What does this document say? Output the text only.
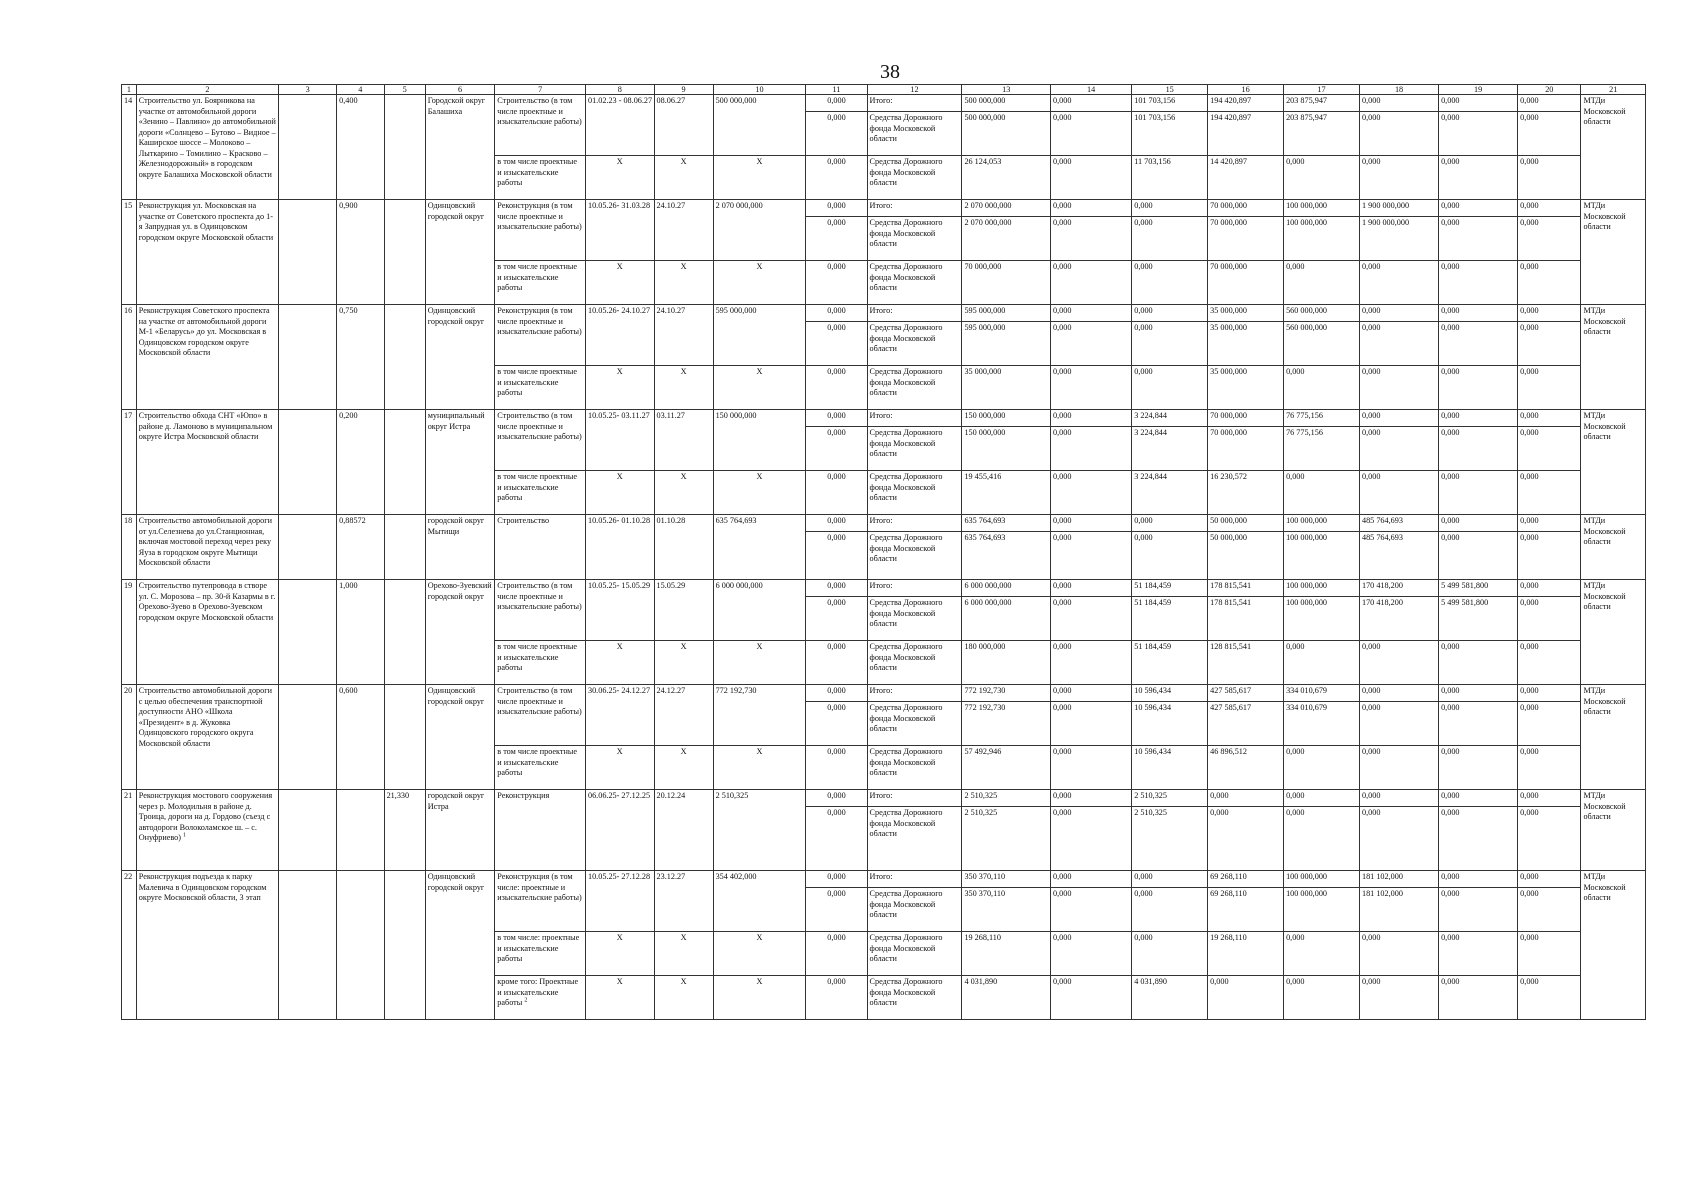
38
1	2	3	4	5	6	7	8	9	10	11	12	13	14	15	16	17	18	19	20	21
14	Строительство ул. Боярникова на участке от автомобильной дороги «Зенино – Павлино» до автомобильной дороги «Солнцево – Бутово – Видное – Каширское шоссе – Молоково – Лыткарино – Томилино – Красково – Железнодорожный» в городском округе Балашиха Московской области		0,400		Городской округ Балашиха	Строительство (в том числе проектные и изыскательские работы)	01.02.23 - 08.06.27	08.06.27	500 000,000	0,000	Итого:	500 000,000	0,000	101 703,156	194 420,897	203 875,947	0,000	0,000	0,000	МТДи Московской области
										0,000	Средства Дорожного фонда Московской области	500 000,000	0,000	101 703,156	194 420,897	203 875,947	0,000	0,000	0,000	
						в том числе проектные и изыскательские работы	X	X	X	0,000	Средства Дорожного фонда Московской области	26 124,053	0,000	11 703,156	14 420,897	0,000	0,000	0,000	0,000	
15	Реконструкция ул. Московская на участке от Советского проспекта до 1-я Запрудная ул. в Одинцовском городском округе Московской области		0,900		Одинцовский городской округ	Реконструкция (в том числе проектные и изыскательские работы)	10.05.26- 31.03.28	24.10.27	2 070 000,000	0,000	Итого:	2 070 000,000	0,000	0,000	70 000,000	100 000,000	1 900 000,000	0,000	0,000	МТДи Московской области
										0,000	Средства Дорожного фонда Московской области	2 070 000,000	0,000	0,000	70 000,000	100 000,000	1 900 000,000	0,000	0,000	
						в том числе проектные и изыскательские работы	X	X	X	0,000	Средства Дорожного фонда Московской области	70 000,000	0,000	0,000	70 000,000	0,000	0,000	0,000	0,000	
16	Реконструкция Советского проспекта на участке от автомобильной дороги М-1 «Беларусь» до ул. Московская в Одинцовском городском округе Московской области		0,750		Одинцовский городской округ	Реконструкция (в том числе проектные и изыскательские работы)	10.05.26- 24.10.27	24.10.27	595 000,000	0,000	Итого:	595 000,000	0,000	0,000	35 000,000	560 000,000	0,000	0,000	0,000	МТДи Московской области
										0,000	Средства Дорожного фонда Московской области	595 000,000	0,000	0,000	35 000,000	560 000,000	0,000	0,000	0,000	
						в том числе проектные и изыскательские работы	X	X	X	0,000	Средства Дорожного фонда Московской области	35 000,000	0,000	0,000	35 000,000	0,000	0,000	0,000	0,000	
17	Строительство обхода СНТ «Юпо» в районе д. Ламоново в муниципальном округе Истра Московской области		0,200		муниципальный округ Истра	Строительство (в том числе проектные и изыскательские работы)	10.05.25- 03.11.27	03.11.27	150 000,000	0,000	Итого:	150 000,000	0,000	3 224,844	70 000,000	76 775,156	0,000	0,000	0,000	МТДи Московской области
										0,000	Средства Дорожного фонда Московской области	150 000,000	0,000	3 224,844	70 000,000	76 775,156	0,000	0,000	0,000	
						в том числе проектные и изыскательские работы	X	X	X	0,000	Средства Дорожного фонда Московской области	19 455,416	0,000	3 224,844	16 230,572	0,000	0,000	0,000	0,000	
18	Строительство автомобильной дороги от ул.Селезнева до ул.Станционная, включая мостовой переход через реку Яуза в городском округе Мытищи Московской области		0,88572		городской округ Мытищи	Строительство	10.05.26- 01.10.28	01.10.28	635 764,693	0,000	Итого:	635 764,693	0,000	0,000	50 000,000	100 000,000	485 764,693	0,000	0,000	МТДи Московской области
										0,000	Средства Дорожного фонда Московской области	635 764,693	0,000	0,000	50 000,000	100 000,000	485 764,693	0,000	0,000	
19	Строительство путепровода в створе ул. С. Морозова – пр. 30-й Казармы в г. Орехово-Зуево в Орехово-Зуевском городском округе Московской области		1,000		Орехово-Зуевский городской округ	Строительство (в том числе проектные и изыскательские работы)	10.05.25- 15.05.29	15.05.29	6 000 000,000	0,000	Итого:	6 000 000,000	0,000	51 184,459	178 815,541	100 000,000	170 418,200	5 499 581,800	0,000	МТДи Московской области
										0,000	Средства Дорожного фонда Московской области	6 000 000,000	0,000	51 184,459	178 815,541	100 000,000	170 418,200	5 499 581,800	0,000	
						в том числе проектные и изыскательские работы	X	X	X	0,000	Средства Дорожного фонда Московской области	180 000,000	0,000	51 184,459	128 815,541	0,000	0,000	0,000	0,000	
20	Строительство автомобильной дороги с целью обеспечения транспортной доступности АНО «Школа «Президент» в д. Жуковка Одинцовского городского округа Московской области		0,600		Одинцовский городской округ	Строительство (в том числе проектные и изыскательские работы)	30.06.25- 24.12.27	24.12.27	772 192,730	0,000	Итого:	772 192,730	0,000	10 596,434	427 585,617	334 010,679	0,000	0,000	0,000	МТДи Московской области
										0,000	Средства Дорожного фонда Московской области	772 192,730	0,000	10 596,434	427 585,617	334 010,679	0,000	0,000	0,000	
						в том числе проектные и изыскательские работы	X	X	X	0,000	Средства Дорожного фонда Московской области	57 492,946	0,000	10 596,434	46 896,512	0,000	0,000	0,000	0,000	
21	Реконструкция мостового сооружения через р. Молодильня в районе д. Троица, дороги на д. Гордово (съезд с автодороги Волоколамское ш. – с. Онуфриево) $^1$			21,330	городской округ Истра	Реконструкция	06.06.25- 27.12.25	20.12.24	2 510,325	0,000	Итого:	2 510,325	0,000	2 510,325	0,000	0,000	0,000	0,000	0,000	МТДи Московской области
										0,000	Средства Дорожного фонда Московской области	2 510,325	0,000	2 510,325	0,000	0,000	0,000	0,000	0,000	
22	Реконструкция подъезда к парку Малевича в Одинцовском городском округе Московской области, 3 этап				Одинцовский городской округ	Реконструкция (в том числе: проектные и изыскательские работы)	10.05.25- 27.12.28	23.12.27	354 402,000	0,000	Итого:	350 370,110	0,000	0,000	69 268,110	100 000,000	181 102,000	0,000	0,000	МТДи Московской области
										0,000	Средства Дорожного фонда Московской области	350 370,110	0,000	0,000	69 268,110	100 000,000	181 102,000	0,000	0,000	
						в том числе: проектные и изыскательские работы	X	X	X	0,000	Средства Дорожного фонда Московской области	19 268,110	0,000	0,000	19 268,110	0,000	0,000	0,000	0,000	
						кроме того: Проектные и изыскательские работы $^2$	X	X	X	0,000	Средства Дорожного фонда Московской области	4 031,890	0,000	4 031,890	0,000	0,000	0,000	0,000	0,000	
